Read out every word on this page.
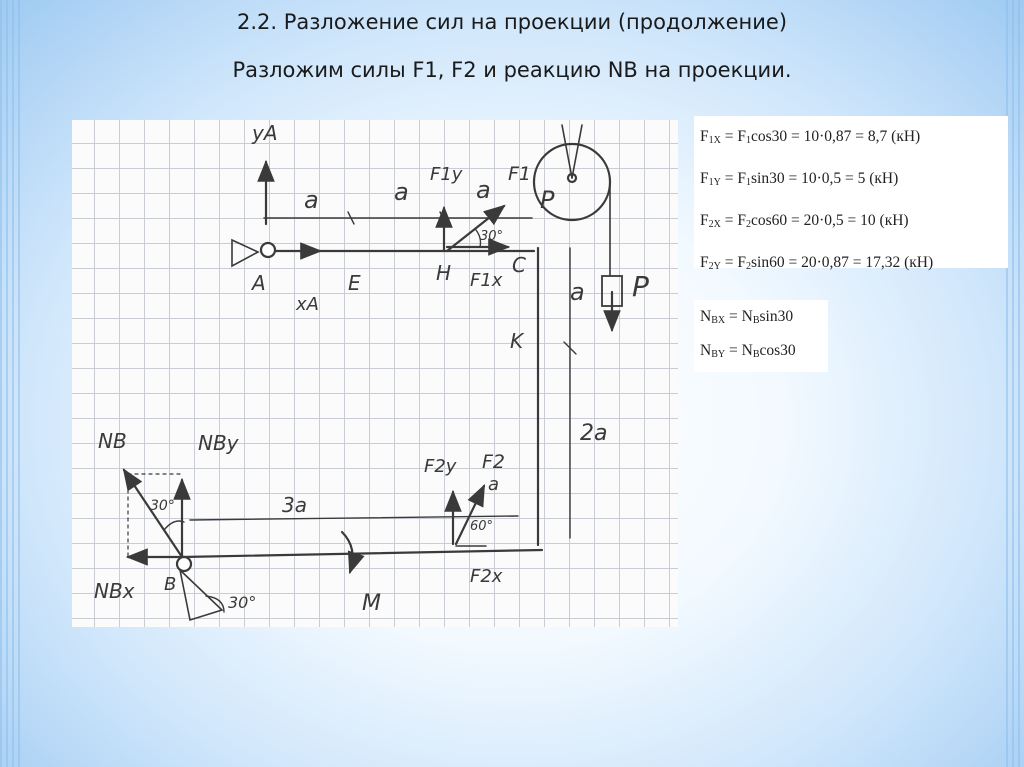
2.2. Разложение сил на проекции (продолжение)
Разложим силы F1, F2 и реакцию NB на проекции.
yA
xA
A	E	H	C
K
a	a	a
a
a
3a
2a
F1
F1y
F1x
F2
F2y
F2x
NB	NBy
NBx B
P
P
M
30°
60°
30°
30°
$F_{1X} = F_1\cos 30 = 10\cdot 0,87 = 8,7$ (кН)
$F_{1Y} = F_1\sin 30 = 10\cdot 0,5 = 5$ (кН)
$F_{2X} = F_2\cos 60 = 20\cdot 0,5 = 10$ (кН)
$F_{2Y} = F_2\sin 60 = 20\cdot 0,87 = 17,32$ (кН)
$N_{BX} = N_B\sin 30$
$N_{BY} = N_B\cos 30$
